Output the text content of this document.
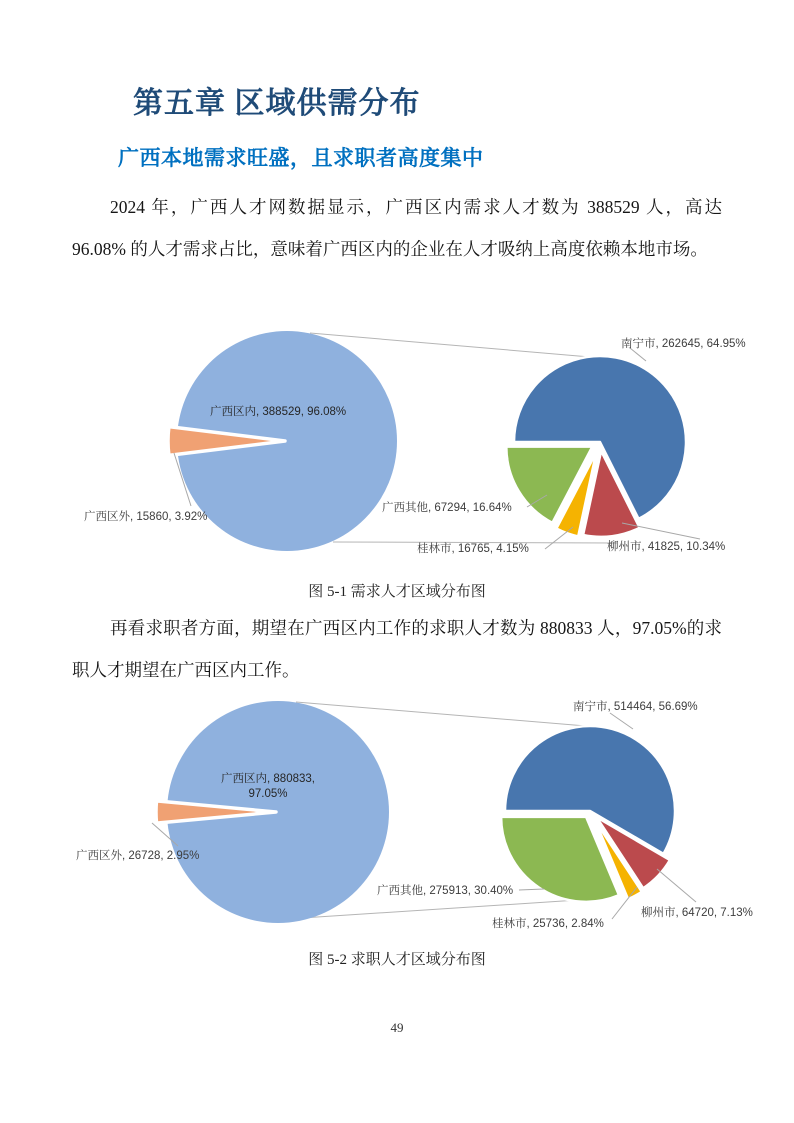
第五章 区域供需分布
广西本地需求旺盛，且求职者高度集中

2024 年，广西人才网数据显示，广西区内需求人才数为 388529 人，高达 96.08% 的人才需求占比，意味着广西区内的企业在人才吸纳上高度依赖本地市场。

广西区内, 388529, 96.08%
广西区外, 15860, 3.92%
南宁市, 262645, 64.95%
广西其他, 67294, 16.64%
桂林市, 16765, 4.15%	柳州市, 41825, 10.34%

图 5-1 需求人才区域分布图

再看求职者方面，期望在广西区内工作的求职人才数为 880833 人，97.05%的求职人才期望在广西区内工作。

广西区内, 880833, 97.05%
广西区外, 26728, 2.95%
南宁市, 514464, 56.69%
广西其他, 275913, 30.40%
桂林市, 25736, 2.84%
柳州市, 64720, 7.13%

图 5-2 求职人才区域分布图

49
